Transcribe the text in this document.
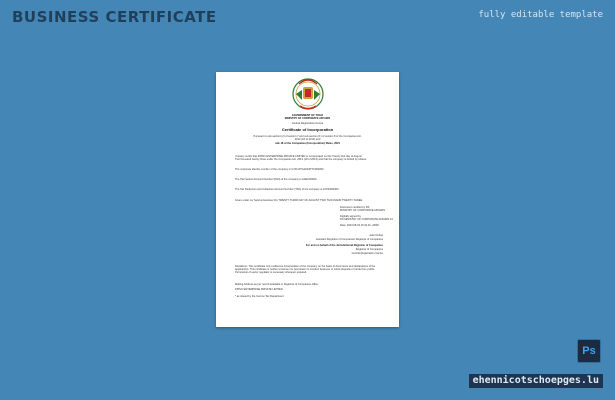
BUSINESS CERTIFICATE	fully editable template
GOVERNMENT OF TOGO
MINISTRY OF CORPORATE AFFAIRS
Central Registration Centre
Certificate of Incorporation
Pursuant to sub-section (2) of section 7 and sub-section (1) of section 8 of the Companies Act,
2013 (18 of 2013) and
rule 18 of the Companies (Incorporation) Rules, 2021
I hereby certify that FIRSO ENTERPRISE PRIVATE LIMITED is incorporated on this Twenty first day of August
Two thousand twenty three under the Companies Act, 2013 (18 of 2013) and that the company is limited by shares.
The corporate identity number of the company is U74110TG2023PTC000000
The Permanent Account Number (PAN) of the company is AAEC0000A
The Tax Deduction and Collection Account Number (TAN) of the company is HYDF00000C
Given under my hand at Hanoise this TWENTY THIRD DAY OF AUGUST TWO THOUSAND TWENTY-THREE
Document certified by DS
MINISTRY OF CORPORATE AFFAIRS
Digitally signed by
DS MINISTRY OF CORPORATE AFFAIRS 10
Date: 2023.08.23 15:42:31 +0530
Jean Dubas
Assistant Registrar of Companies/ Registrar of Companies
For and on behalf of the Jurisdictional Registrar of Companies
Registrar of Companies
Central Registration Centre
Disclaimer: This certificate only evidences incorporation of the company on the basis of documents and declarations of the applicant(s). This certificate is neither a license nor permission to conduct business or solicit deposits or funds from public. Permission of sector regulator is necessary wherever required.
Mailing Address as per record available in Registrar of Companies office:
FIRSO ENTERPRISE PRIVATE LIMITED
* as issued by the Income Tax Department
Ps
ehennicotschoepges.lu
